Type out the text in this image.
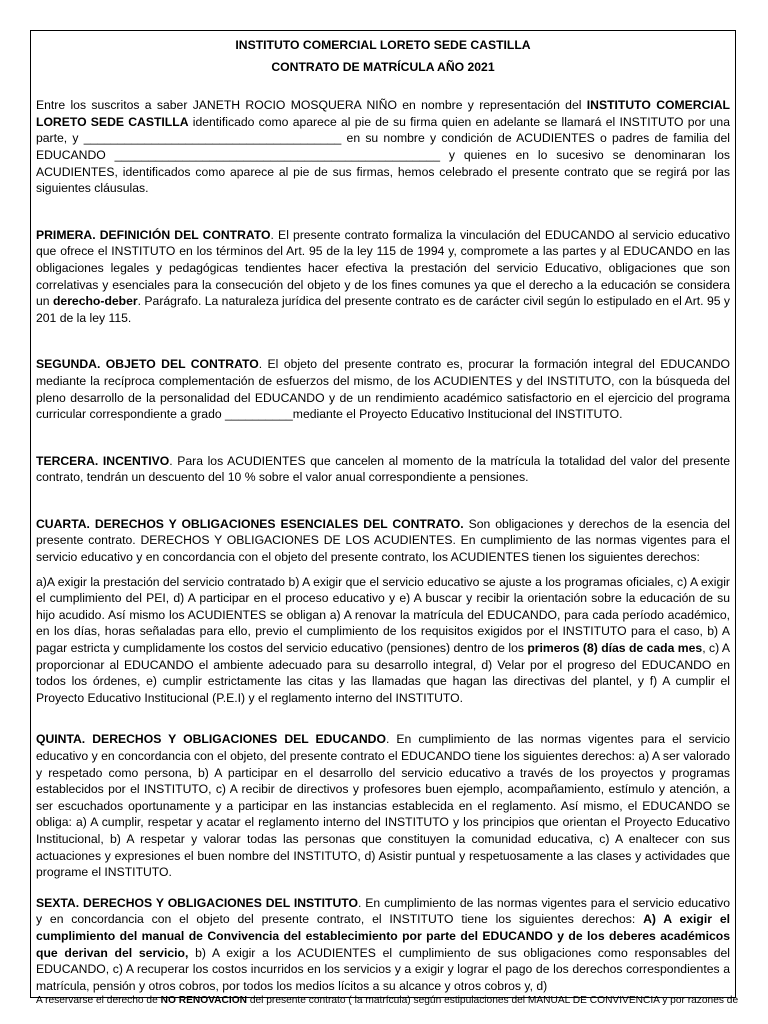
INSTITUTO COMERCIAL LORETO SEDE CASTILLA

CONTRATO DE MATRÍCULA AÑO 2021

Entre los suscritos a saber JANETH ROCIO MOSQUERA NIÑO en nombre y representación del INSTITUTO COMERCIAL LORETO SEDE CASTILLA identificado como aparece al pie de su firma quien en adelante se llamará el INSTITUTO por una parte, y ______________________________________ en su nombre y condición de ACUDIENTES o padres de familia del EDUCANDO ________________________________________________ y quienes en lo sucesivo se denominaran los ACUDIENTES, identificados como aparece al pie de sus firmas, hemos celebrado el presente contrato que se regirá por las siguientes cláusulas.

PRIMERA. DEFINICIÓN DEL CONTRATO. El presente contrato formaliza la vinculación del EDUCANDO al servicio educativo que ofrece el INSTITUTO en los términos del Art. 95 de la ley 115 de 1994 y, compromete a las partes y al EDUCANDO en las obligaciones legales y pedagógicas tendientes hacer efectiva la prestación del servicio Educativo, obligaciones que son correlativas y esenciales para la consecución del objeto y de los fines comunes ya que el derecho a la educación se considera un derecho-deber. Parágrafo. La naturaleza jurídica del presente contrato es de carácter civil según lo estipulado en el Art. 95 y 201 de la ley 115.

SEGUNDA. OBJETO DEL CONTRATO. El objeto del presente contrato es, procurar la formación integral del EDUCANDO mediante la recíproca complementación de esfuerzos del mismo, de los ACUDIENTES y del INSTITUTO, con la búsqueda del pleno desarrollo de la personalidad del EDUCANDO y de un rendimiento académico satisfactorio en el ejercicio del programa curricular correspondiente a grado __________mediante el Proyecto Educativo Institucional del INSTITUTO.

TERCERA. INCENTIVO. Para los ACUDIENTES que cancelen al momento de la matrícula la totalidad del valor del presente contrato, tendrán un descuento del 10 % sobre el valor anual correspondiente a pensiones.

CUARTA. DERECHOS Y OBLIGACIONES ESENCIALES DEL CONTRATO. Son obligaciones y derechos de la esencia del presente contrato. DERECHOS Y OBLIGACIONES DE LOS ACUDIENTES. En cumplimiento de las normas vigentes para el servicio educativo y en concordancia con el objeto del presente contrato, los ACUDIENTES tienen los siguientes derechos:

a)A exigir la prestación del servicio contratado b) A exigir que el servicio educativo se ajuste a los programas oficiales, c) A exigir el cumplimiento del PEI, d) A participar en el proceso educativo y e) A buscar y recibir la orientación sobre la educación de su hijo acudido. Así mismo los ACUDIENTES se obligan a) A renovar la matrícula del EDUCANDO, para cada período académico, en los días, horas señaladas para ello, previo el cumplimiento de los requisitos exigidos por el INSTITUTO para el caso, b) A pagar estricta y cumplidamente los costos del servicio educativo (pensiones) dentro de los primeros (8) días de cada mes, c) A proporcionar al EDUCANDO el ambiente adecuado para su desarrollo integral, d) Velar por el progreso del EDUCANDO en todos los órdenes, e) cumplir estrictamente las citas y las llamadas que hagan las directivas del plantel, y f) A cumplir el Proyecto Educativo Institucional (P.E.I) y el reglamento interno del INSTITUTO.

QUINTA. DERECHOS Y OBLIGACIONES DEL EDUCANDO. En cumplimiento de las normas vigentes para el servicio educativo y en concordancia con el objeto, del presente contrato el EDUCANDO tiene los siguientes derechos: a) A ser valorado y respetado como persona, b) A participar en el desarrollo del servicio educativo a través de los proyectos y programas establecidos por el INSTITUTO, c) A recibir de directivos y profesores buen ejemplo, acompañamiento, estímulo y atención, a ser escuchados oportunamente y a participar en las instancias establecida en el reglamento. Así mismo, el EDUCANDO se obliga: a) A cumplir, respetar y acatar el reglamento interno del INSTITUTO y los principios que orientan el Proyecto Educativo Institucional, b) A respetar y valorar todas las personas que constituyen la comunidad educativa, c) A enaltecer con sus actuaciones y expresiones el buen nombre del INSTITUTO, d) Asistir puntual y respetuosamente a las clases y actividades que programe el INSTITUTO.

SEXTA. DERECHOS Y OBLIGACIONES DEL INSTITUTO. En cumplimiento de las normas vigentes para el servicio educativo y en concordancia con el objeto del presente contrato, el INSTITUTO tiene los siguientes derechos: A) A exigir el cumplimiento del manual de Convivencia del establecimiento por parte del EDUCANDO y de los deberes académicos que derivan del servicio, b) A exigir a los ACUDIENTES el cumplimiento de sus obligaciones como responsables del EDUCANDO, c) A recuperar los costos incurridos en los servicios y a exigir y lograr el pago de los derechos correspondientes a matrícula, pensión y otros cobros, por todos los medios lícitos a su alcance y otros cobros y, d)

A reservarse el derecho de NO RENOVACION del presente contrato ( la matrícula) según estipulaciones del MANUAL DE CONVIVENCIA y por razones de
